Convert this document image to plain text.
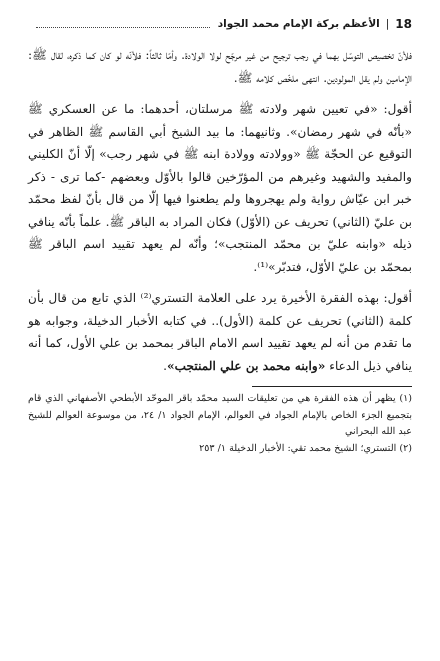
18
|
الأعظم بركة الإمام محمد الجواد

فلأنّ تخصيص التوسّل بهما في رجب ترجيح من غير مرجّح لولا الولادة. وأمّا ثالثاً: فلأنّه لو كان كما ذكره، لقال ﷺ: الإمامين ولم يقل المولودين. انتهى ملخّص كلامه ﷺ.

أقول: «في تعيين شهر ولادته ﷺ مرسلتان، أحدهما: ما عن العسكري ﷺ «بأنّه في شهر رمضان». وثانيهما: ما بيد الشيخ أبي القاسم ﷺ الظاهر في التوقيع عن الحجّة ﷺ «وولادته وولادة ابنه ﷺ في شهر رجب» إلّا أنّ الكليني والمفيد والشهيد وغيرهم من المؤرّخين قالوا بالأوّل وبعضهم -كما ترى - ذكر خبر ابن عيّاش رواية ولم يهجروها ولم يطعنوا فيها إلّا من قال بأنّ لفظ محمّد بن عليّ (الثاني) تحريف عن (الأوّل) فكان المراد به الباقر ﷺ. علماً بأنّه ينافي ذيله «وابنه عليّ بن محمّد المنتجب»؛ وأنّه لم يعهد تقييد اسم الباقر ﷺ بمحمّد بن عليّ الأوّل، فتدبّر»⁽¹⁾.

أقول: بهذه الفقرة الأخيرة يرد على العلامة التستري⁽²⁾ الذي تابع من قال بأن كلمة (الثاني) تحريف عن كلمة (الأول).. في كتابه الأخبار الدخيلة، وجوابه هو ما تقدم من أنه لم يعهد تقييد اسم الامام الباقر بمحمد بن علي الأول، كما أنه ينافي ذيل الدعاء «وابنه محمد بن علي المنتجب».

(١) يظهر أن هذه الفقرة هي من تعليقات السيد محمّد باقر الموحّد الأبطحي الأصفهاني الذي قام بتجميع الجزء الخاص بالإمام الجواد في العوالم، الإمام الجواد ١/ ٢٤، من موسوعة العوالم للشيخ عبد الله البحراني

(٢) التستري؛ الشيخ محمد تقي: الأخبار الدخيلة ١/ ٢٥٣
